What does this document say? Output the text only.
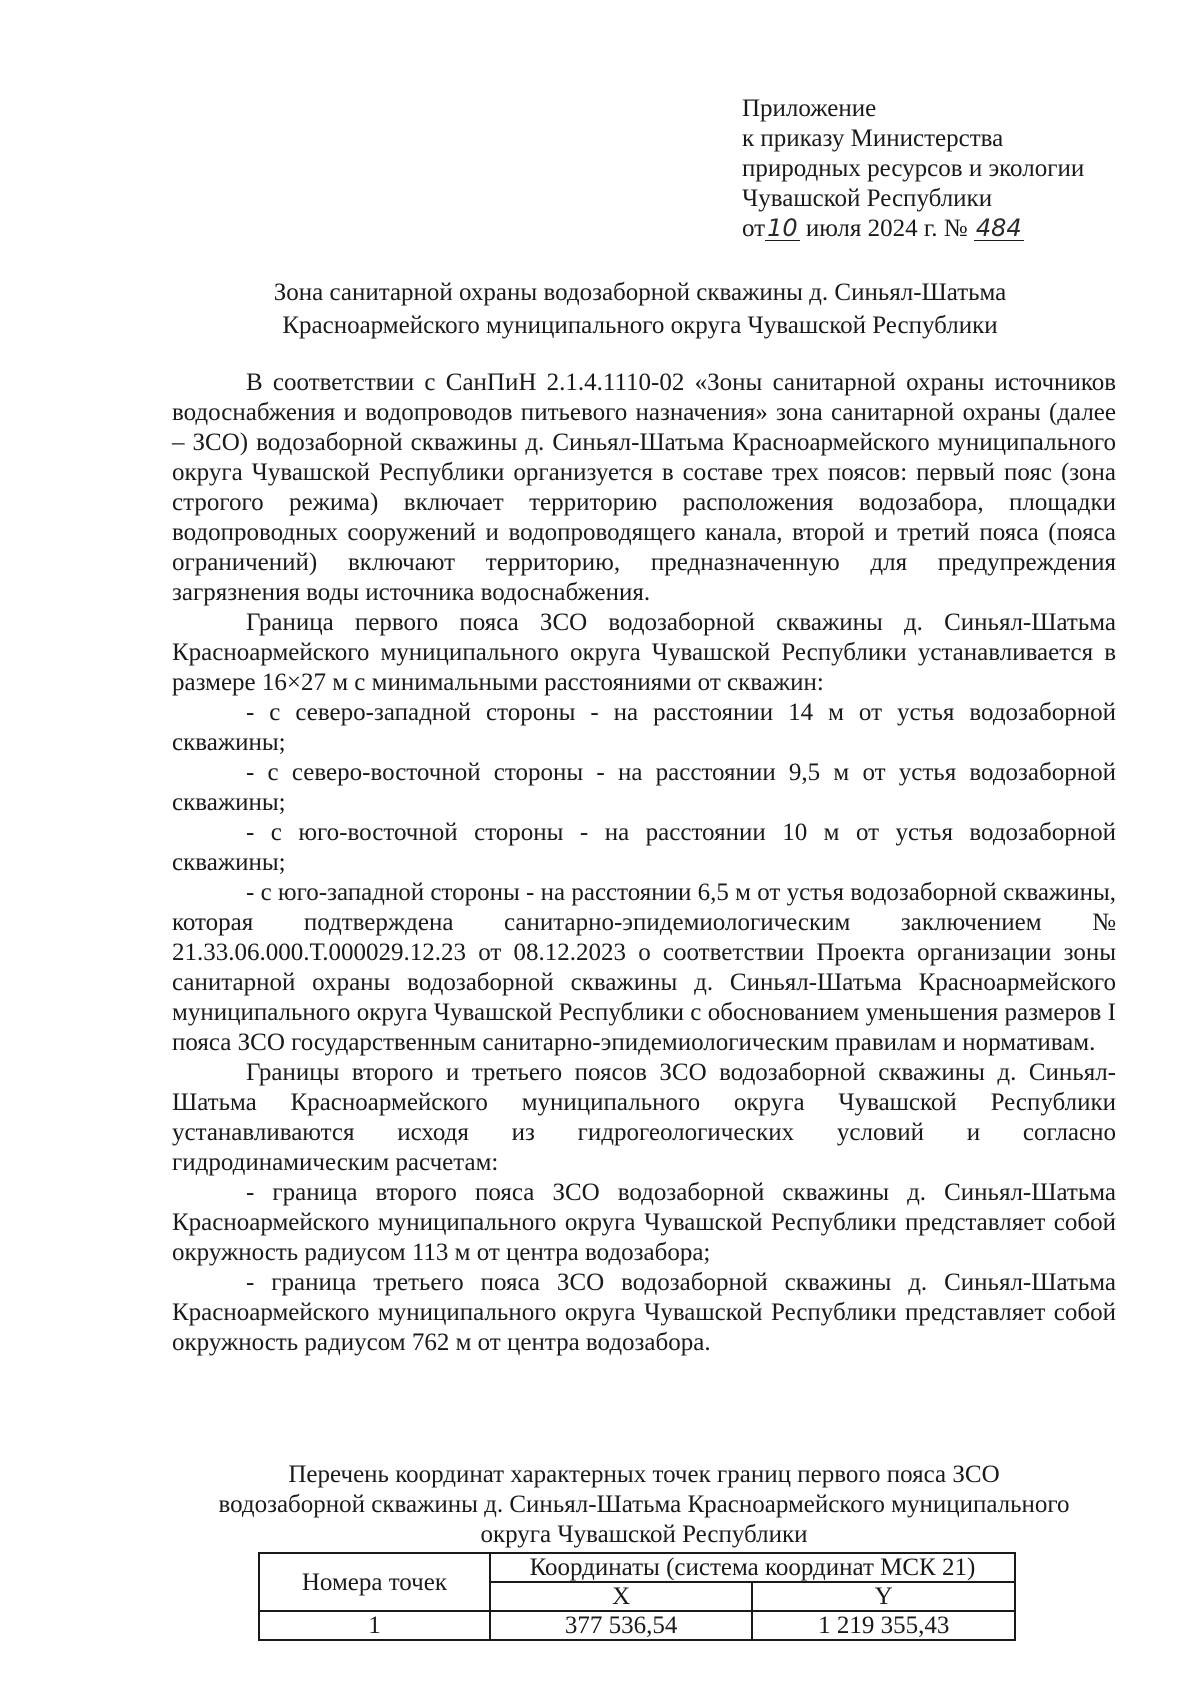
Приложение
к приказу Министерства
природных ресурсов и экологии
Чувашской Республики
от10 июля 2024 г. № 484
Зона санитарной охраны водозаборной скважины д. Синьял-Шатьма
Красноармейского муниципального округа Чувашской Республики

В соответствии с СанПиН 2.1.4.1110-02 «Зоны санитарной охраны источников водоснабжения и водопроводов питьевого назначения» зона санитарной охраны (далее – ЗСО) водозаборной скважины д. Синьял-Шатьма Красноармейского муниципального округа Чувашской Республики организуется в составе трех поясов: первый пояс (зона строгого режима) включает территорию расположения водозабора, площадки водопроводных сооружений и водопроводящего канала, второй и третий пояса (пояса ограничений) включают территорию, предназначенную для предупреждения загрязнения воды источника водоснабжения.

Граница первого пояса ЗСО водозаборной скважины д. Синьял-Шатьма Красноармейского муниципального округа Чувашской Республики устанавливается в размере 16×27 м с минимальными расстояниями от скважин:

- с северо-западной стороны - на расстоянии 14 м от устья водозаборной скважины;

- с северо-восточной стороны - на расстоянии 9,5 м от устья водозаборной скважины;

- с юго-восточной стороны - на расстоянии 10 м от устья водозаборной скважины;

- с юго-западной стороны - на расстоянии 6,5 м от устья водозаборной скважины, которая подтверждена санитарно-эпидемиологическим заключением № 21.33.06.000.Т.000029.12.23 от 08.12.2023 о соответствии Проекта организации зоны санитарной охраны водозаборной скважины д. Синьял-Шатьма Красноармейского муниципального округа Чувашской Республики с обоснованием уменьшения размеров I пояса ЗСО государственным санитарно-эпидемиологическим правилам и нормативам.

Границы второго и третьего поясов ЗСО водозаборной скважины д. Синьял-Шатьма Красноармейского муниципального округа Чувашской Республики устанавливаются исходя из гидрогеологических условий и согласно гидродинамическим расчетам:

- граница второго пояса ЗСО водозаборной скважины д. Синьял-Шатьма Красноармейского муниципального округа Чувашской Республики представляет собой окружность радиусом 113 м от центра водозабора;

- граница третьего пояса ЗСО водозаборной скважины д. Синьял-Шатьма Красноармейского муниципального округа Чувашской Республики представляет собой окружность радиусом 762 м от центра водозабора.

Перечень координат характерных точек границ первого пояса ЗСО
водозаборной скважины д. Синьял-Шатьма Красноармейского муниципального
округа Чувашской Республики
Номера точек	Координаты (система координат МСК 21)	
	X	Y
1	377 536,54	1 219 355,43
